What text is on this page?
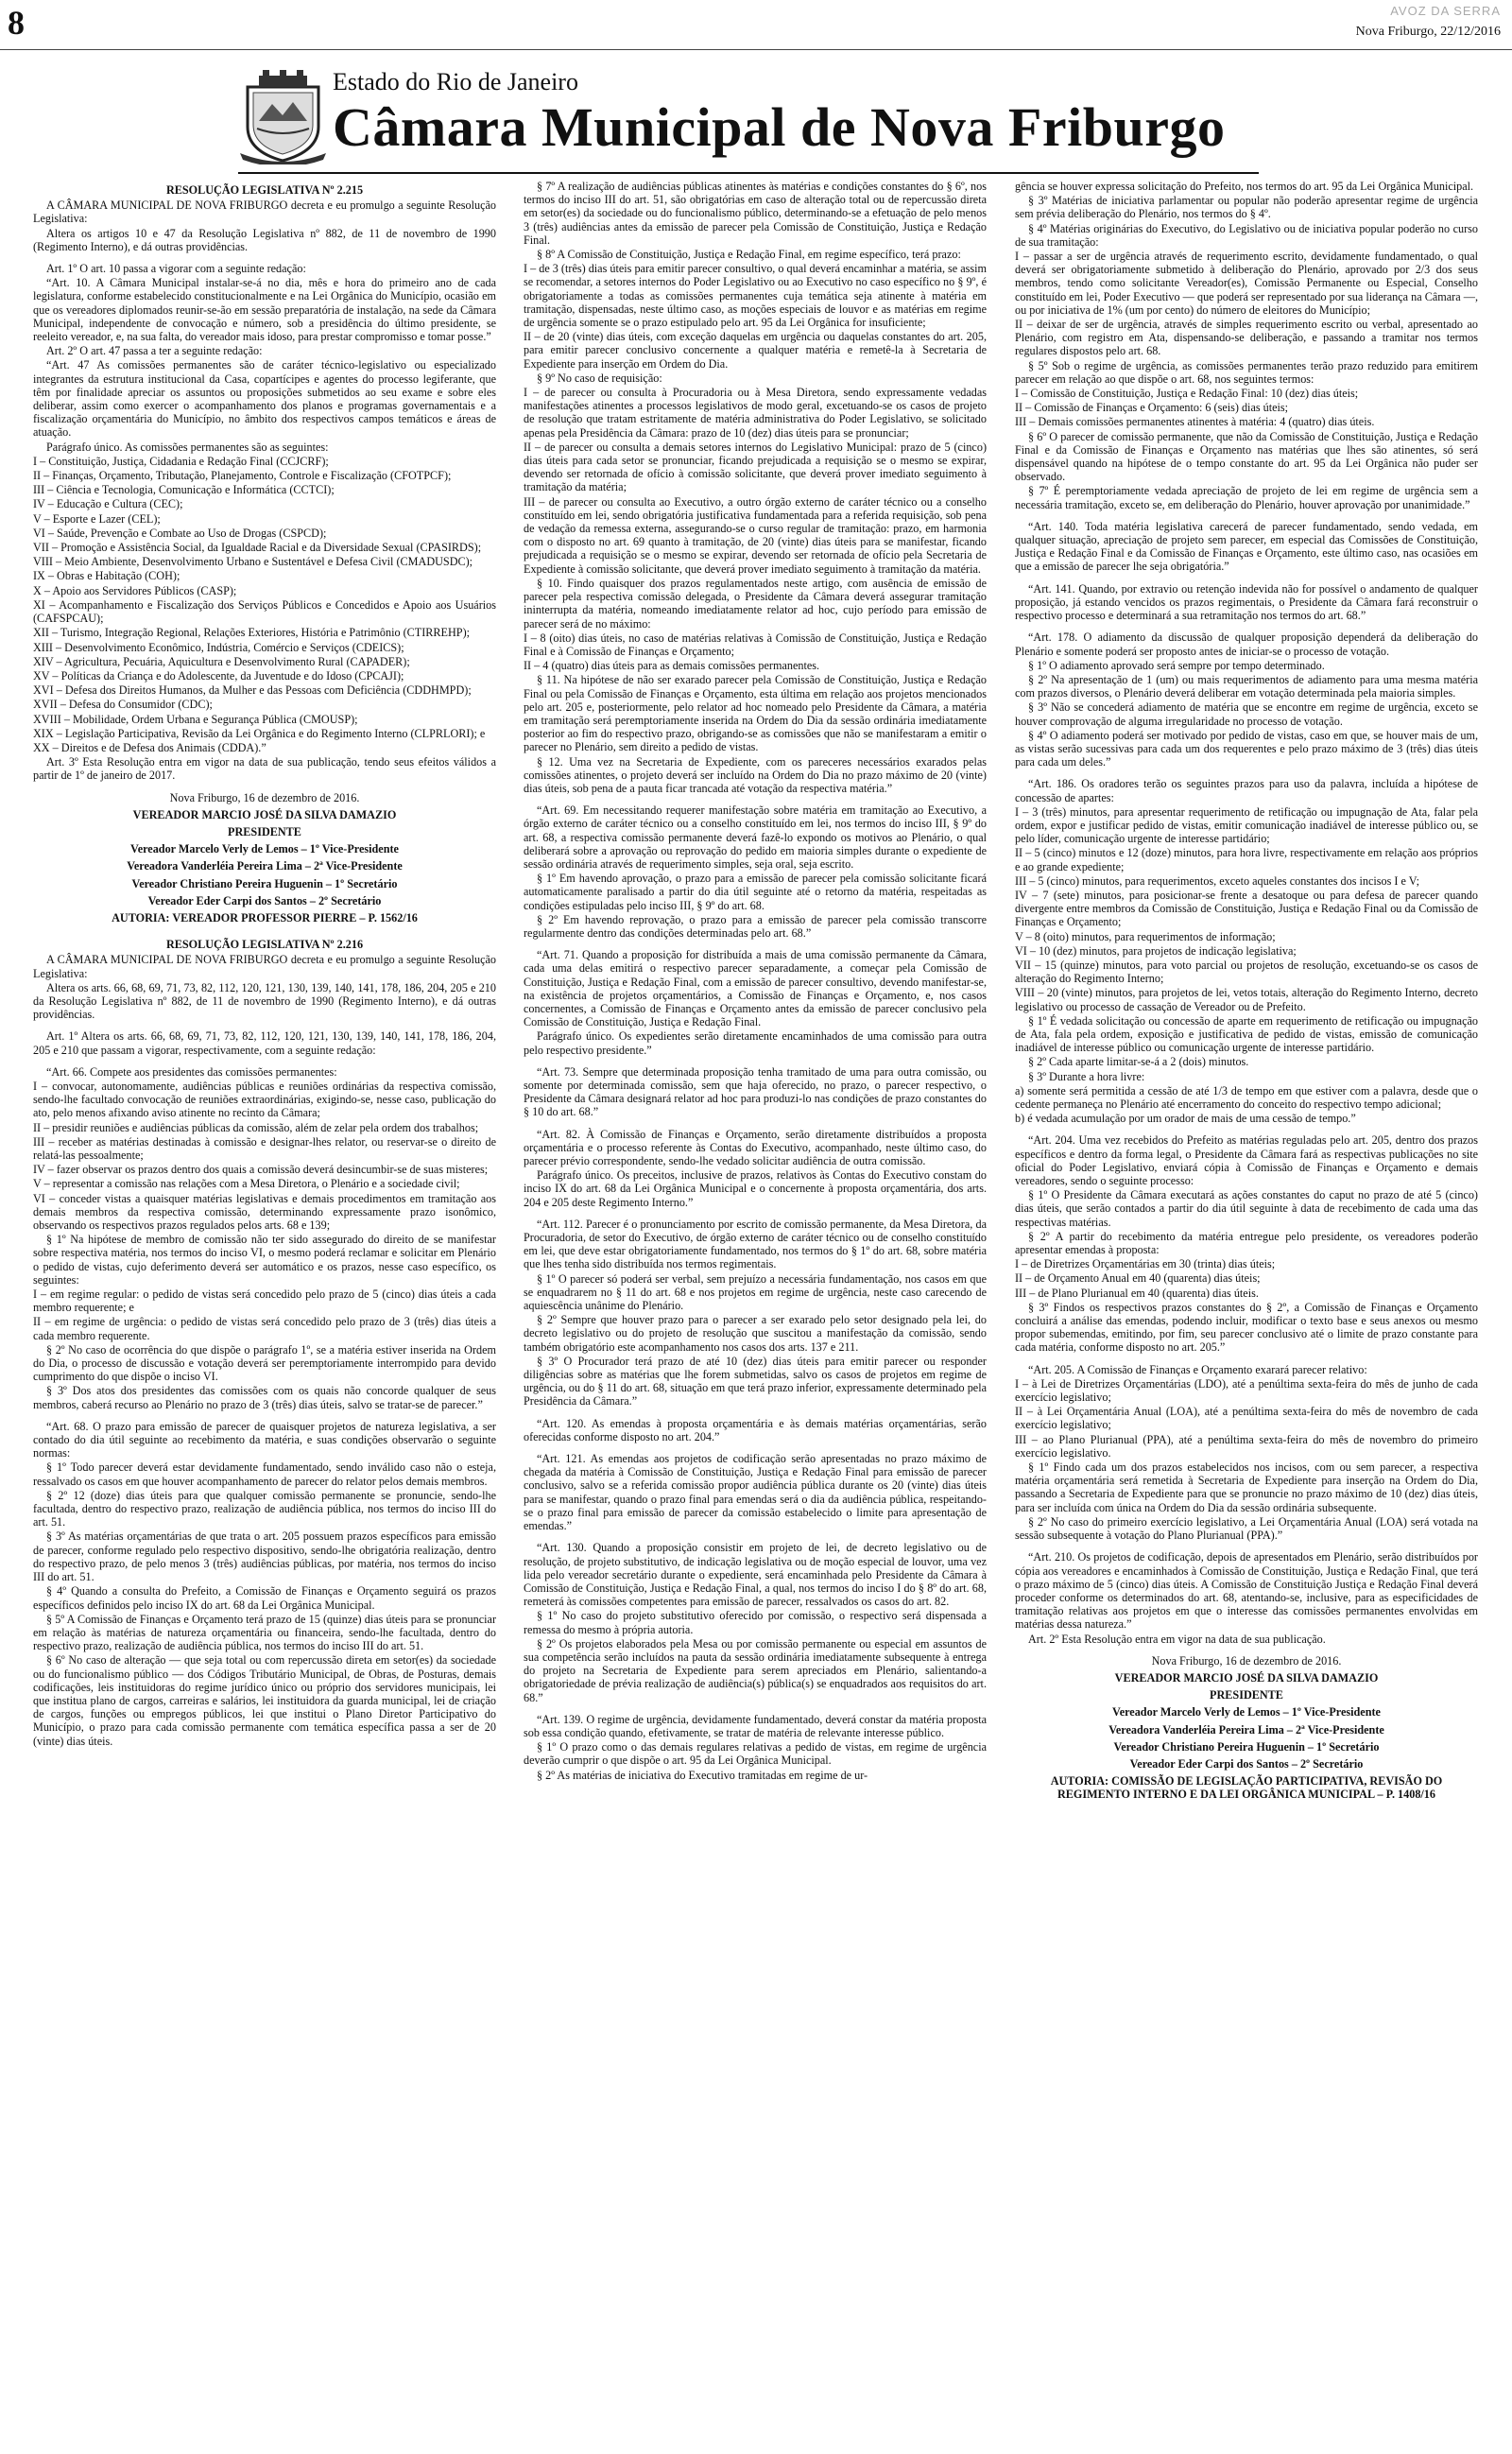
8	AVOZ DA SERRA
Nova Friburgo, 22/12/2016
Estado do Rio de Janeiro
Câmara Municipal de Nova Friburgo

RESOLUÇÃO LEGISLATIVA Nº 2.215

A CÂMARA MUNICIPAL DE NOVA FRIBURGO decreta e eu promulgo a seguinte Resolução Legislativa:

Altera os artigos 10 e 47 da Resolução Legislativa nº 882, de 11 de novembro de 1990 (Regimento Interno), e dá outras providências.

Art. 1º O art. 10 passa a vigorar com a seguinte redação:

“Art. 10. A Câmara Municipal instalar-se-á no dia, mês e hora do primeiro ano de cada legislatura, conforme estabelecido constitucionalmente e na Lei Orgânica do Município, ocasião em que os vereadores diplomados reunir-se-ão em sessão preparatória de instalação, na sede da Câmara Municipal, independente de convocação e número, sob a presidência do último presidente, se reeleito vereador, e, na sua falta, do vereador mais idoso, para prestar compromisso e tomar posse.”

Art. 2º O art. 47 passa a ter a seguinte redação:

“Art. 47 As comissões permanentes são de caráter técnico-legislativo ou especializado integrantes da estrutura institucional da Casa, copartícipes e agentes do processo legiferante, que têm por finalidade apreciar os assuntos ou proposições submetidos ao seu exame e sobre eles deliberar, assim como exercer o acompanhamento dos planos e programas governamentais e a fiscalização orçamentária do Município, no âmbito dos respectivos campos temáticos e áreas de atuação.

Parágrafo único. As comissões permanentes são as seguintes:

I – Constituição, Justiça, Cidadania e Redação Final (CCJCRF);

II – Finanças, Orçamento, Tributação, Planejamento, Controle e Fiscalização (CFOTPCF);

III – Ciência e Tecnologia, Comunicação e Informática (CCTCI);

IV – Educação e Cultura (CEC);

V – Esporte e Lazer (CEL);

VI – Saúde, Prevenção e Combate ao Uso de Drogas (CSPCD);

VII – Promoção e Assistência Social, da Igualdade Racial e da Diversidade Sexual (CPASIRDS);

VIII – Meio Ambiente, Desenvolvimento Urbano e Sustentável e Defesa Civil (CMADUSDC);

IX – Obras e Habitação (COH);

X – Apoio aos Servidores Públicos (CASP);

XI – Acompanhamento e Fiscalização dos Serviços Públicos e Concedidos e Apoio aos Usuários (CAFSPCAU);

XII – Turismo, Integração Regional, Relações Exteriores, História e Patrimônio (CTIRREHP);

XIII – Desenvolvimento Econômico, Indústria, Comércio e Serviços (CDEICS);

XIV – Agricultura, Pecuária, Aquicultura e Desenvolvimento Rural (CAPADER);

XV – Políticas da Criança e do Adolescente, da Juventude e do Idoso (CPCAJI);

XVI – Defesa dos Direitos Humanos, da Mulher e das Pessoas com Deficiência (CDDHMPD);

XVII – Defesa do Consumidor (CDC);

XVIII – Mobilidade, Ordem Urbana e Segurança Pública (CMOUSP);

XIX – Legislação Participativa, Revisão da Lei Orgânica e do Regimento Interno (CLPRLORI); e

XX – Direitos e de Defesa dos Animais (CDDA).”

Art. 3º Esta Resolução entra em vigor na data de sua publicação, tendo seus efeitos válidos a partir de 1º de janeiro de 2017.

Nova Friburgo, 16 de dezembro de 2016.

VEREADOR MARCIO JOSÉ DA SILVA DAMAZIO

PRESIDENTE

Vereador Marcelo Verly de Lemos – 1º Vice-Presidente

Vereadora Vanderléia Pereira Lima – 2ª Vice-Presidente

Vereador Christiano Pereira Huguenin – 1º Secretário

Vereador Eder Carpi dos Santos – 2º Secretário

AUTORIA: VEREADOR PROFESSOR PIERRE – P. 1562/16

RESOLUÇÃO LEGISLATIVA Nº 2.216

A CÂMARA MUNICIPAL DE NOVA FRIBURGO decreta e eu promulgo a seguinte Resolução Legislativa:

Altera os arts. 66, 68, 69, 71, 73, 82, 112, 120, 121, 130, 139, 140, 141, 178, 186, 204, 205 e 210 da Resolução Legislativa nº 882, de 11 de novembro de 1990 (Regimento Interno), e dá outras providências.

Art. 1º Altera os arts. 66, 68, 69, 71, 73, 82, 112, 120, 121, 130, 139, 140, 141, 178, 186, 204, 205 e 210 que passam a vigorar, respectivamente, com a seguinte redação:

“Art. 66. Compete aos presidentes das comissões permanentes:

I – convocar, autonomamente, audiências públicas e reuniões ordinárias da respectiva comissão, sendo-lhe facultado convocação de reuniões extraordinárias, exigindo-se, nesse caso, publicação do ato, pelo menos afixando aviso atinente no recinto da Câmara;

II – presidir reuniões e audiências públicas da comissão, além de zelar pela ordem dos trabalhos;

III – receber as matérias destinadas à comissão e designar-lhes relator, ou reservar-se o direito de relatá-las pessoalmente;

IV – fazer observar os prazos dentro dos quais a comissão deverá desincumbir-se de suas misteres;

V – representar a comissão nas relações com a Mesa Diretora, o Plenário e a sociedade civil;

VI – conceder vistas a quaisquer matérias legislativas e demais procedimentos em tramitação aos demais membros da respectiva comissão, determinando expressamente prazo isonômico, observando os respectivos prazos regulados pelos arts. 68 e 139;

§ 1º Na hipótese de membro de comissão não ter sido assegurado do direito de se manifestar sobre respectiva matéria, nos termos do inciso VI, o mesmo poderá reclamar e solicitar em Plenário o pedido de vistas, cujo deferimento deverá ser automático e os prazos, nesse caso específico, os seguintes:

I – em regime regular: o pedido de vistas será concedido pelo prazo de 5 (cinco) dias úteis a cada membro requerente; e

II – em regime de urgência: o pedido de vistas será concedido pelo prazo de 3 (três) dias úteis a cada membro requerente.

§ 2º No caso de ocorrência do que dispõe o parágrafo 1º, se a matéria estiver inserida na Ordem do Dia, o processo de discussão e votação deverá ser peremptoriamente interrompido para devido cumprimento do que dispõe o inciso VI.

§ 3º Dos atos dos presidentes das comissões com os quais não concorde qualquer de seus membros, caberá recurso ao Plenário no prazo de 3 (três) dias úteis, salvo se tratar-se de parecer.”

“Art. 68. O prazo para emissão de parecer de quaisquer projetos de natureza legislativa, a ser contado do dia útil seguinte ao recebimento da matéria, e suas condições observarão o seguinte normas:

§ 1º Todo parecer deverá estar devidamente fundamentado, sendo inválido caso não o esteja, ressalvado os casos em que houver acompanhamento de parecer do relator pelos demais membros.

§ 2º 12 (doze) dias úteis para que qualquer comissão permanente se pronuncie, sendo-lhe facultada, dentro do respectivo prazo, realização de audiência pública, nos termos do inciso III do art. 51.

§ 3º As matérias orçamentárias de que trata o art. 205 possuem prazos específicos para emissão de parecer, conforme regulado pelo respectivo dispositivo, sendo-lhe obrigatória realização, dentro do respectivo prazo, de pelo menos 3 (três) audiências públicas, por matéria, nos termos do inciso III do art. 51.

§ 4º Quando a consulta do Prefeito, a Comissão de Finanças e Orçamento seguirá os prazos específicos definidos pelo inciso IX do art. 68 da Lei Orgânica Municipal.

§ 5º A Comissão de Finanças e Orçamento terá prazo de 15 (quinze) dias úteis para se pronunciar em relação às matérias de natureza orçamentária ou financeira, sendo-lhe facultada, dentro do respectivo prazo, realização de audiência pública, nos termos do inciso III do art. 51.

§ 6º No caso de alteração — que seja total ou com repercussão direta em setor(es) da sociedade ou do funcionalismo público — dos Códigos Tributário Municipal, de Obras, de Posturas, demais codificações, leis instituidoras do regime jurídico único ou próprio dos servidores municipais, lei que institua plano de cargos, carreiras e salários, lei instituidora da guarda municipal, lei de criação de cargos, funções ou empregos públicos, lei que institui o Plano Diretor Participativo do Município, o prazo para cada comissão permanente com temática específica passa a ser de 20 (vinte) dias úteis.

§ 7º A realização de audiências públicas atinentes às matérias e condições constantes do § 6º, nos termos do inciso III do art. 51, são obrigatórias em caso de alteração total ou de repercussão direta em setor(es) da sociedade ou do funcionalismo público, determinando-se a efetuação de pelo menos 3 (três) audiências antes da emissão de parecer pela Comissão de Constituição, Justiça e Redação Final.

§ 8º A Comissão de Constituição, Justiça e Redação Final, em regime específico, terá prazo:

I – de 3 (três) dias úteis para emitir parecer consultivo, o qual deverá encaminhar a matéria, se assim se recomendar, a setores internos do Poder Legislativo ou ao Executivo no caso específico no § 9º, é obrigatoriamente a todas as comissões permanentes cuja temática seja atinente à matéria em tramitação, dispensadas, neste último caso, as moções especiais de louvor e as matérias em regime de urgência somente se o prazo estipulado pelo art. 95 da Lei Orgânica for insuficiente;

II – de 20 (vinte) dias úteis, com exceção daquelas em urgência ou daquelas constantes do art. 205, para emitir parecer conclusivo concernente a qualquer matéria e remetê-la à Secretaria de Expediente para inserção em Ordem do Dia.

§ 9º No caso de requisição:

I – de parecer ou consulta à Procuradoria ou à Mesa Diretora, sendo expressamente vedadas manifestações atinentes a processos legislativos de modo geral, excetuando-se os casos de projeto de resolução que tratam estritamente de matéria administrativa do Poder Legislativo, se solicitado apenas pela Presidência da Câmara: prazo de 10 (dez) dias úteis para se pronunciar;

II – de parecer ou consulta a demais setores internos do Legislativo Municipal: prazo de 5 (cinco) dias úteis para cada setor se pronunciar, ficando prejudicada a requisição se o mesmo se expirar, devendo ser retornada de ofício à comissão solicitante, que deverá prover imediato seguimento à tramitação da matéria;

III – de parecer ou consulta ao Executivo, a outro órgão externo de caráter técnico ou a conselho constituído em lei, sendo obrigatória justificativa fundamentada para a referida requisição, sob pena de vedação da remessa externa, assegurando-se o curso regular de tramitação: prazo, em harmonia com o disposto no art. 69 quanto à tramitação, de 20 (vinte) dias úteis para se manifestar, ficando prejudicada a requisição se o mesmo se expirar, devendo ser retornada de ofício pela Secretaria de Expediente à comissão solicitante, que deverá prover imediato seguimento à tramitação da matéria.

§ 10. Findo quaisquer dos prazos regulamentados neste artigo, com ausência de emissão de parecer pela respectiva comissão delegada, o Presidente da Câmara deverá assegurar tramitação ininterrupta da matéria, nomeando imediatamente relator ad hoc, cujo período para emissão de parecer será de no máximo:

I – 8 (oito) dias úteis, no caso de matérias relativas à Comissão de Constituição, Justiça e Redação Final e à Comissão de Finanças e Orçamento;

II – 4 (quatro) dias úteis para as demais comissões permanentes.

§ 11. Na hipótese de não ser exarado parecer pela Comissão de Constituição, Justiça e Redação Final ou pela Comissão de Finanças e Orçamento, esta última em relação aos projetos mencionados pelo art. 205 e, posteriormente, pelo relator ad hoc nomeado pelo Presidente da Câmara, a matéria em tramitação será peremptoriamente inserida na Ordem do Dia da sessão ordinária imediatamente posterior ao fim do respectivo prazo, obrigando-se as comissões que não se manifestaram a emitir o parecer no Plenário, sem direito a pedido de vistas.

§ 12. Uma vez na Secretaria de Expediente, com os pareceres necessários exarados pelas comissões atinentes, o projeto deverá ser incluído na Ordem do Dia no prazo máximo de 20 (vinte) dias úteis, sob pena de a pauta ficar trancada até votação da respectiva matéria.”

“Art. 69. Em necessitando requerer manifestação sobre matéria em tramitação ao Executivo, a órgão externo de caráter técnico ou a conselho constituído em lei, nos termos do inciso III, § 9º do art. 68, a respectiva comissão permanente deverá fazê-lo expondo os motivos ao Plenário, o qual deliberará sobre a aprovação ou reprovação do pedido em maioria simples durante o expediente de sessão ordinária através de requerimento simples, seja oral, seja escrito.

§ 1º Em havendo aprovação, o prazo para a emissão de parecer pela comissão solicitante ficará automaticamente paralisado a partir do dia útil seguinte até o retorno da matéria, respeitadas as condições estipuladas pelo inciso III, § 9º do art. 68.

§ 2º Em havendo reprovação, o prazo para a emissão de parecer pela comissão transcorre regularmente dentro das condições determinadas pelo art. 68.”

“Art. 71. Quando a proposição for distribuída a mais de uma comissão permanente da Câmara, cada uma delas emitirá o respectivo parecer separadamente, a começar pela Comissão de Constituição, Justiça e Redação Final, com a emissão de parecer consultivo, devendo manifestar-se, na existência de projetos orçamentários, a Comissão de Finanças e Orçamento, e, nos casos concernentes, a Comissão de Finanças e Orçamento antes da emissão de parecer conclusivo pela Comissão de Constituição, Justiça e Redação Final.

Parágrafo único. Os expedientes serão diretamente encaminhados de uma comissão para outra pelo respectivo presidente.”

“Art. 73. Sempre que determinada proposição tenha tramitado de uma para outra comissão, ou somente por determinada comissão, sem que haja oferecido, no prazo, o parecer respectivo, o Presidente da Câmara designará relator ad hoc para produzi-lo nas condições de prazo constantes do § 10 do art. 68.”

“Art. 82. À Comissão de Finanças e Orçamento, serão diretamente distribuídos a proposta orçamentária e o processo referente às Contas do Executivo, acompanhado, neste último caso, do parecer prévio correspondente, sendo-lhe vedado solicitar audiência de outra comissão.

Parágrafo único. Os preceitos, inclusive de prazos, relativos às Contas do Executivo constam do inciso IX do art. 68 da Lei Orgânica Municipal e o concernente à proposta orçamentária, dos arts. 204 e 205 deste Regimento Interno.”

“Art. 112. Parecer é o pronunciamento por escrito de comissão permanente, da Mesa Diretora, da Procuradoria, de setor do Executivo, de órgão externo de caráter técnico ou de conselho constituído em lei, que deve estar obrigatoriamente fundamentado, nos termos do § 1º do art. 68, sobre matéria que lhes tenha sido distribuída nos termos regimentais.

§ 1º O parecer só poderá ser verbal, sem prejuízo a necessária fundamentação, nos casos em que se enquadrarem no § 11 do art. 68 e nos projetos em regime de urgência, neste caso carecendo de aquiescência unânime do Plenário.

§ 2º Sempre que houver prazo para o parecer a ser exarado pelo setor designado pela lei, do decreto legislativo ou do projeto de resolução que suscitou a manifestação da comissão, sendo também obrigatório este acompanhamento nos casos dos arts. 137 e 211.

§ 3º O Procurador terá prazo de até 10 (dez) dias úteis para emitir parecer ou responder diligências sobre as matérias que lhe forem submetidas, salvo os casos de projetos em regime de urgência, ou do § 11 do art. 68, situação em que terá prazo inferior, expressamente determinado pela Presidência da Câmara.”

“Art. 120. As emendas à proposta orçamentária e às demais matérias orçamentárias, serão oferecidas conforme disposto no art. 204.”

“Art. 121. As emendas aos projetos de codificação serão apresentadas no prazo máximo de chegada da matéria à Comissão de Constituição, Justiça e Redação Final para emissão de parecer conclusivo, salvo se a referida comissão propor audiência pública durante os 20 (vinte) dias úteis para se manifestar, quando o prazo final para emendas será o dia da audiência pública, respeitando-se o prazo final para emissão de parecer da comissão estabelecido o limite para apresentação de emendas.”

“Art. 130. Quando a proposição consistir em projeto de lei, de decreto legislativo ou de resolução, de projeto substitutivo, de indicação legislativa ou de moção especial de louvor, uma vez lida pelo vereador secretário durante o expediente, será encaminhada pelo Presidente da Câmara à Comissão de Constituição, Justiça e Redação Final, a qual, nos termos do inciso I do § 8º do art. 68, remeterá às comissões competentes para emissão de parecer, ressalvados os casos do art. 82.

§ 1º No caso do projeto substitutivo oferecido por comissão, o respectivo será dispensada a remessa do mesmo à própria autoria.

§ 2º Os projetos elaborados pela Mesa ou por comissão permanente ou especial em assuntos de sua competência serão incluídos na pauta da sessão ordinária imediatamente subsequente à entrega do projeto na Secretaria de Expediente para serem apreciados em Plenário, salientando-a obrigatoriedade de prévia realização de audiência(s) pública(s) se enquadrados aos requisitos do art. 68.”

“Art. 139. O regime de urgência, devidamente fundamentado, deverá constar da matéria proposta sob essa condição quando, efetivamente, se tratar de matéria de relevante interesse público.

§ 1º O prazo como o das demais regulares relativas a pedido de vistas, em regime de urgência deverão cumprir o que dispõe o art. 95 da Lei Orgânica Municipal.

§ 2º As matérias de iniciativa do Executivo tramitadas em regime de ur-

gência se houver expressa solicitação do Prefeito, nos termos do art. 95 da Lei Orgânica Municipal.

§ 3º Matérias de iniciativa parlamentar ou popular não poderão apresentar regime de urgência sem prévia deliberação do Plenário, nos termos do § 4º.

§ 4º Matérias originárias do Executivo, do Legislativo ou de iniciativa popular poderão no curso de sua tramitação:

I – passar a ser de urgência através de requerimento escrito, devidamente fundamentado, o qual deverá ser obrigatoriamente submetido à deliberação do Plenário, aprovado por 2/3 dos seus membros, tendo como solicitante Vereador(es), Comissão Permanente ou Especial, Conselho constituído em lei, Poder Executivo — que poderá ser representado por sua liderança na Câmara —, ou por iniciativa de 1% (um por cento) do número de eleitores do Município;

II – deixar de ser de urgência, através de simples requerimento escrito ou verbal, apresentado ao Plenário, com registro em Ata, dispensando-se deliberação, e passando a tramitar nos termos regulares dispostos pelo art. 68.

§ 5º Sob o regime de urgência, as comissões permanentes terão prazo reduzido para emitirem parecer em relação ao que dispõe o art. 68, nos seguintes termos:

I – Comissão de Constituição, Justiça e Redação Final: 10 (dez) dias úteis;

II – Comissão de Finanças e Orçamento: 6 (seis) dias úteis;

III – Demais comissões permanentes atinentes à matéria: 4 (quatro) dias úteis.

§ 6º O parecer de comissão permanente, que não da Comissão de Constituição, Justiça e Redação Final e da Comissão de Finanças e Orçamento nas matérias que lhes são atinentes, só será dispensável quando na hipótese de o tempo constante do art. 95 da Lei Orgânica não puder ser observado.

§ 7º É peremptoriamente vedada apreciação de projeto de lei em regime de urgência sem a necessária tramitação, exceto se, em deliberação do Plenário, houver aprovação por unanimidade.”

“Art. 140. Toda matéria legislativa carecerá de parecer fundamentado, sendo vedada, em qualquer situação, apreciação de projeto sem parecer, em especial das Comissões de Constituição, Justiça e Redação Final e da Comissão de Finanças e Orçamento, este último caso, nas ocasiões em que a emissão de parecer lhe seja obrigatória.”

“Art. 141. Quando, por extravio ou retenção indevida não for possível o andamento de qualquer proposição, já estando vencidos os prazos regimentais, o Presidente da Câmara fará reconstruir o respectivo processo e determinará a sua retramitação nos termos do art. 68.”

“Art. 178. O adiamento da discussão de qualquer proposição dependerá da deliberação do Plenário e somente poderá ser proposto antes de iniciar-se o processo de votação.

§ 1º O adiamento aprovado será sempre por tempo determinado.

§ 2º Na apresentação de 1 (um) ou mais requerimentos de adiamento para uma mesma matéria com prazos diversos, o Plenário deverá deliberar em votação determinada pela maioria simples.

§ 3º Não se concederá adiamento de matéria que se encontre em regime de urgência, exceto se houver comprovação de alguma irregularidade no processo de votação.

§ 4º O adiamento poderá ser motivado por pedido de vistas, caso em que, se houver mais de um, as vistas serão sucessivas para cada um dos requerentes e pelo prazo máximo de 3 (três) dias úteis para cada um deles.”

“Art. 186. Os oradores terão os seguintes prazos para uso da palavra, incluída a hipótese de concessão de apartes:

I – 3 (três) minutos, para apresentar requerimento de retificação ou impugnação de Ata, falar pela ordem, expor e justificar pedido de vistas, emitir comunicação inadiável de interesse público ou, se pelo líder, comunicação urgente de interesse partidário;

II – 5 (cinco) minutos e 12 (doze) minutos, para hora livre, respectivamente em relação aos próprios e ao grande expediente;

III – 5 (cinco) minutos, para requerimentos, exceto aqueles constantes dos incisos I e V;

IV – 7 (sete) minutos, para posicionar-se frente a desatoque ou para defesa de parecer quando divergente entre membros da Comissão de Constituição, Justiça e Redação Final ou da Comissão de Finanças e Orçamento;

V – 8 (oito) minutos, para requerimentos de informação;

VI – 10 (dez) minutos, para projetos de indicação legislativa;

VII – 15 (quinze) minutos, para voto parcial ou projetos de resolução, excetuando-se os casos de alteração do Regimento Interno;

VIII – 20 (vinte) minutos, para projetos de lei, vetos totais, alteração do Regimento Interno, decreto legislativo ou processo de cassação de Vereador ou de Prefeito.

§ 1º É vedada solicitação ou concessão de aparte em requerimento de retificação ou impugnação de Ata, fala pela ordem, exposição e justificativa de pedido de vistas, emissão de comunicação inadiável de interesse público ou comunicação urgente de interesse partidário.

§ 2º Cada aparte limitar-se-á a 2 (dois) minutos.

§ 3º Durante a hora livre:

a) somente será permitida a cessão de até 1/3 de tempo em que estiver com a palavra, desde que o cedente permaneça no Plenário até encerramento do conceito do respectivo tempo adicional;

b) é vedada acumulação por um orador de mais de uma cessão de tempo.”

“Art. 204. Uma vez recebidos do Prefeito as matérias reguladas pelo art. 205, dentro dos prazos específicos e dentro da forma legal, o Presidente da Câmara fará as respectivas publicações no site oficial do Poder Legislativo, enviará cópia à Comissão de Finanças e Orçamento e demais vereadores, sendo o seguinte processo:

§ 1º O Presidente da Câmara executará as ações constantes do caput no prazo de até 5 (cinco) dias úteis, que serão contados a partir do dia útil seguinte à data de recebimento de cada uma das respectivas matérias.

§ 2º A partir do recebimento da matéria entregue pelo presidente, os vereadores poderão apresentar emendas à proposta:

I – de Diretrizes Orçamentárias em 30 (trinta) dias úteis;

II – de Orçamento Anual em 40 (quarenta) dias úteis;

III – de Plano Plurianual em 40 (quarenta) dias úteis.

§ 3º Findos os respectivos prazos constantes do § 2º, a Comissão de Finanças e Orçamento concluirá a análise das emendas, podendo incluir, modificar o texto base e seus anexos ou mesmo propor subemendas, emitindo, por fim, seu parecer conclusivo até o limite de prazo constante para cada matéria, conforme disposto no art. 205.”

“Art. 205. A Comissão de Finanças e Orçamento exarará parecer relativo:

I – à Lei de Diretrizes Orçamentárias (LDO), até a penúltima sexta-feira do mês de junho de cada exercício legislativo;

II – à Lei Orçamentária Anual (LOA), até a penúltima sexta-feira do mês de novembro de cada exercício legislativo;

III – ao Plano Plurianual (PPA), até a penúltima sexta-feira do mês de novembro do primeiro exercício legislativo.

§ 1º Findo cada um dos prazos estabelecidos nos incisos, com ou sem parecer, a respectiva matéria orçamentária será remetida à Secretaria de Expediente para inserção na Ordem do Dia, passando a Secretaria de Expediente para que se pronuncie no prazo máximo de 10 (dez) dias úteis, para ser incluída com única na Ordem do Dia da sessão ordinária subsequente.

§ 2º No caso do primeiro exercício legislativo, a Lei Orçamentária Anual (LOA) será votada na sessão subsequente à votação do Plano Plurianual (PPA).”

“Art. 210. Os projetos de codificação, depois de apresentados em Plenário, serão distribuídos por cópia aos vereadores e encaminhados à Comissão de Constituição, Justiça e Redação Final, que terá o prazo máximo de 5 (cinco) dias úteis. A Comissão de Constituição Justiça e Redação Final deverá proceder conforme os determinados do art. 68, atentando-se, inclusive, para as especificidades de tramitação relativas aos projetos em que o interesse das comissões permanentes envolvidas em matérias dessa natureza.”

Art. 2º Esta Resolução entra em vigor na data de sua publicação.

Nova Friburgo, 16 de dezembro de 2016.

VEREADOR MARCIO JOSÉ DA SILVA DAMAZIO

PRESIDENTE

Vereador Marcelo Verly de Lemos – 1º Vice-Presidente

Vereadora Vanderléia Pereira Lima – 2ª Vice-Presidente

Vereador Christiano Pereira Huguenin – 1º Secretário

Vereador Eder Carpi dos Santos – 2º Secretário

AUTORIA: COMISSÃO DE LEGISLAÇÃO PARTICIPATIVA, REVISÃO DO REGIMENTO INTERNO E DA LEI ORGÂNICA MUNICIPAL – P. 1408/16
